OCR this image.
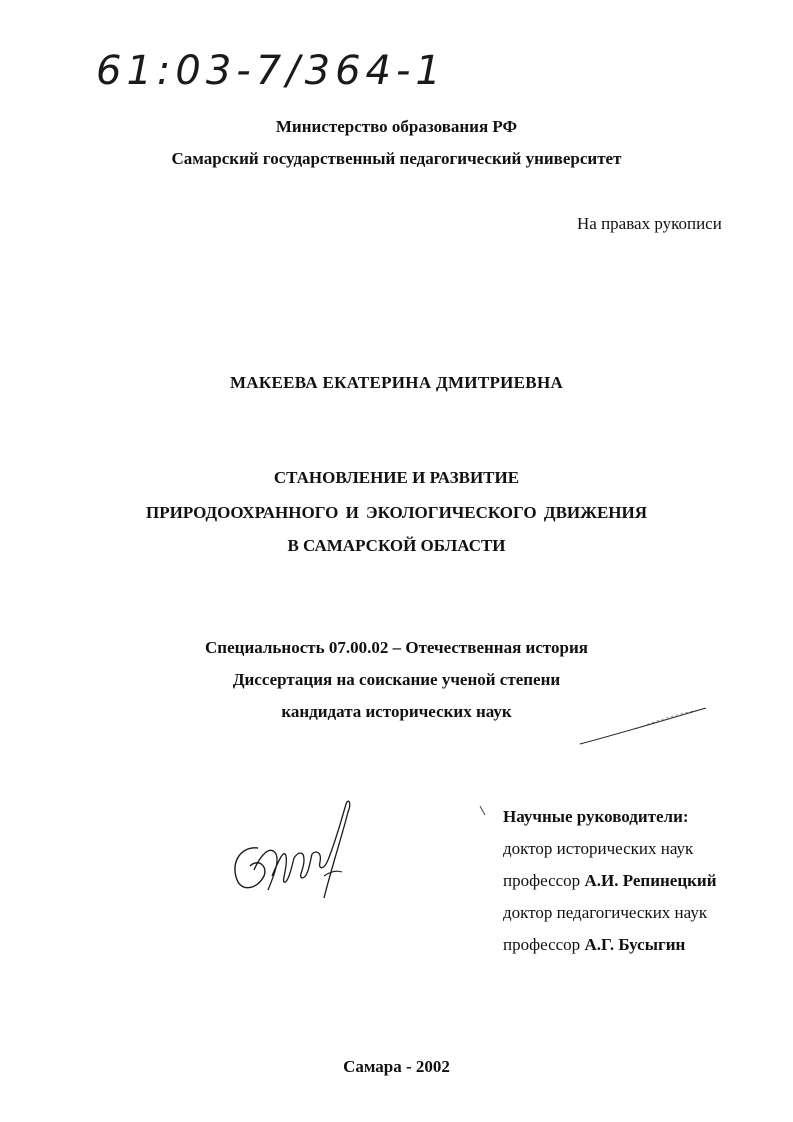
61:03-7/364-1
Министерство образования РФ
Самарский государственный педагогический университет
На правах рукописи
МАКЕЕВА ЕКАТЕРИНА ДМИТРИЕВНА
СТАНОВЛЕНИЕ И РАЗВИТИЕ
ПРИРОДООХРАННОГО И ЭКОЛОГИЧЕСКОГО ДВИЖЕНИЯ
В САМАРСКОЙ ОБЛАСТИ
Специальность 07.00.02 – Отечественная история
Диссертация на соискание ученой степени
кандидата исторических наук
Научные руководители:
доктор исторических наук
профессор А.И. Репинецкий
доктор педагогических наук
профессор А.Г. Бусыгин
Самара - 2002
